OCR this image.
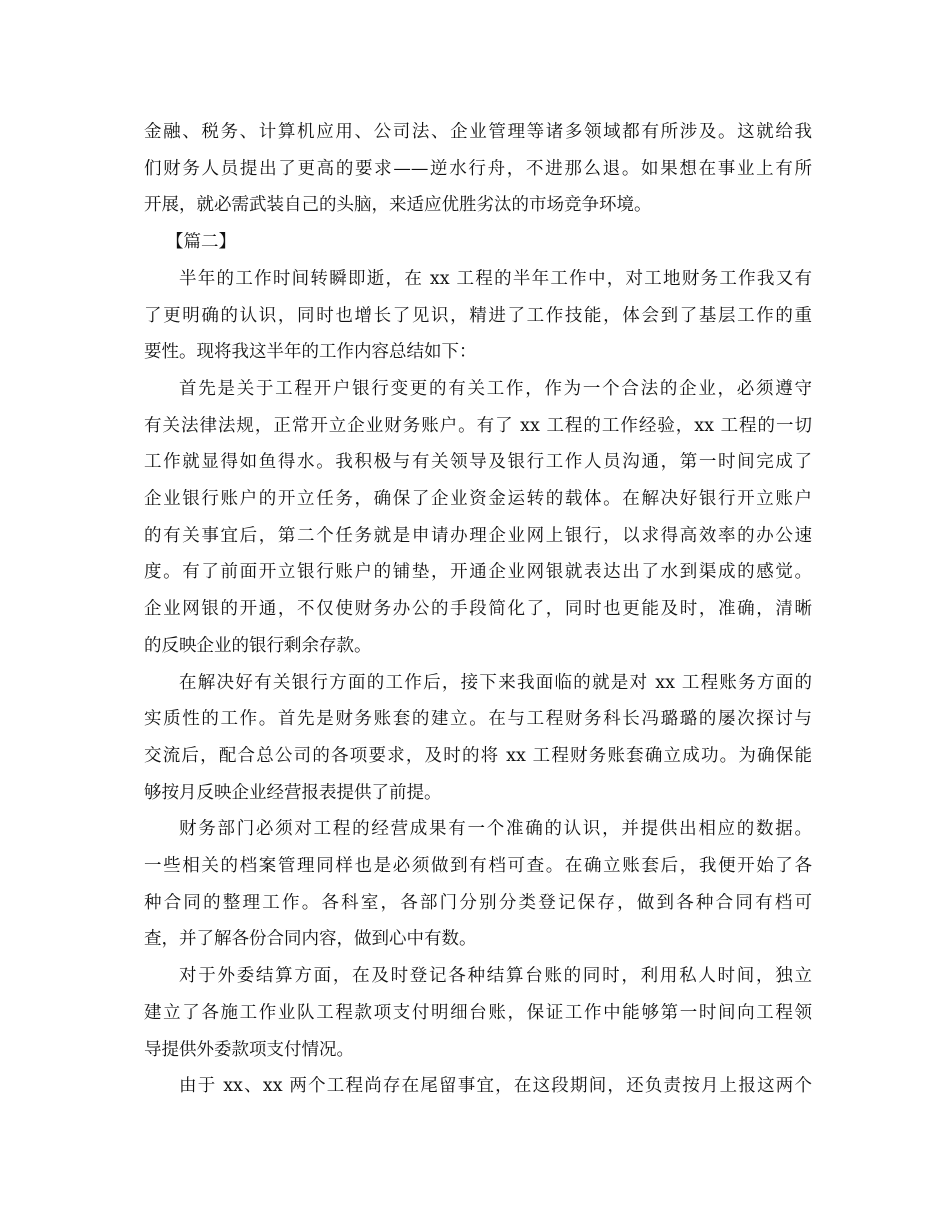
金融、税务、计算机应用、公司法、企业管理等诸多领域都有所涉及。这就给我
们财务人员提出了更高的要求——逆水行舟，不进那么退。如果想在事业上有所
开展，就必需武装自己的头脑，来适应优胜劣汰的市场竞争环境。
【篇二】
半年的工作时间转瞬即逝，在 xx 工程的半年工作中，对工地财务工作我又有
了更明确的认识，同时也增长了见识，精进了工作技能，体会到了基层工作的重
要性。现将我这半年的工作内容总结如下：
首先是关于工程开户银行变更的有关工作，作为一个合法的企业，必须遵守
有关法律法规，正常开立企业财务账户。有了 xx 工程的工作经验，xx 工程的一切
工作就显得如鱼得水。我积极与有关领导及银行工作人员沟通，第一时间完成了
企业银行账户的开立任务，确保了企业资金运转的载体。在解决好银行开立账户
的有关事宜后，第二个任务就是申请办理企业网上银行，以求得高效率的办公速
度。有了前面开立银行账户的铺垫，开通企业网银就表达出了水到渠成的感觉。
企业网银的开通，不仅使财务办公的手段简化了，同时也更能及时，准确，清晰
的反映企业的银行剩余存款。
在解决好有关银行方面的工作后，接下来我面临的就是对 xx 工程账务方面的
实质性的工作。首先是财务账套的建立。在与工程财务科长冯璐璐的屡次探讨与
交流后，配合总公司的各项要求，及时的将 xx 工程财务账套确立成功。为确保能
够按月反映企业经营报表提供了前提。
财务部门必须对工程的经营成果有一个准确的认识，并提供出相应的数据。
一些相关的档案管理同样也是必须做到有档可查。在确立账套后，我便开始了各
种合同的整理工作。各科室，各部门分别分类登记保存，做到各种合同有档可
查，并了解各份合同内容，做到心中有数。
对于外委结算方面，在及时登记各种结算台账的同时，利用私人时间，独立
建立了各施工作业队工程款项支付明细台账，保证工作中能够第一时间向工程领
导提供外委款项支付情况。
由于 xx、xx 两个工程尚存在尾留事宜，在这段期间，还负责按月上报这两个
